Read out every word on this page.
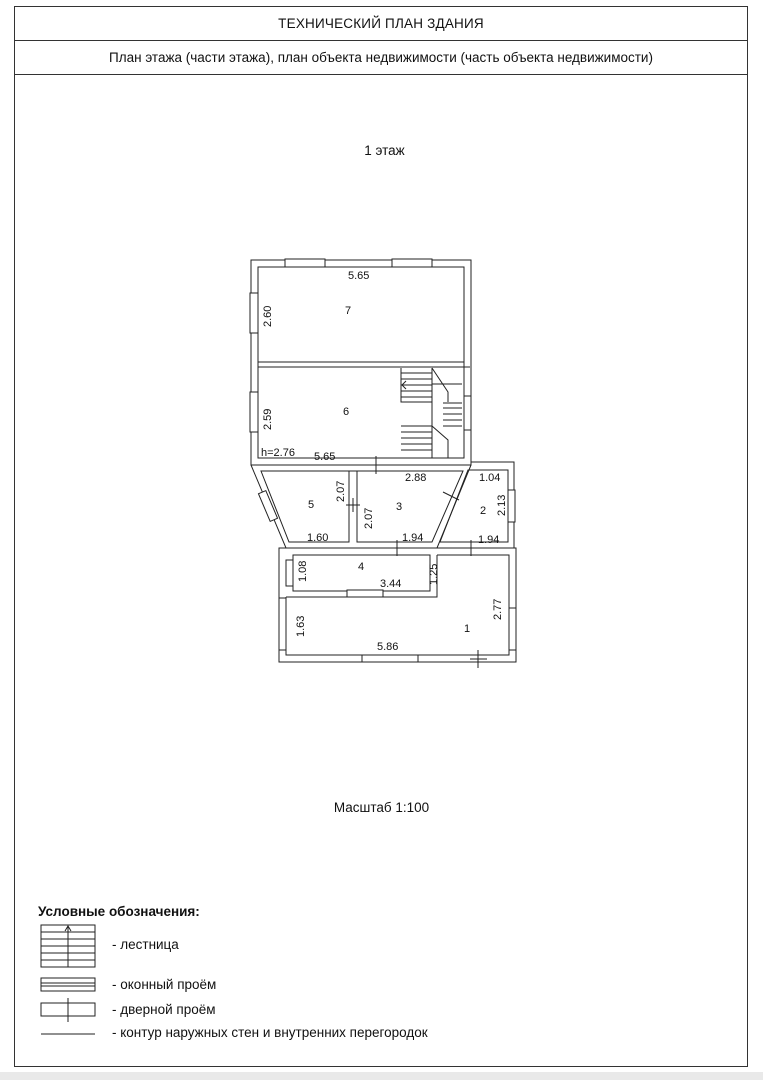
ТЕХНИЧЕСКИЙ ПЛАН ЗДАНИЯ
План этажа (части этажа), план объекта недвижимости (часть объекта недвижимости)
1 этаж
7
6
5	3	2
4
1
5.65
2.60
2.59
h=2.76 5.65
2.88
2.07
2.07
1.60	1.94
1.04
2.13
1.94
1.08
3.44 1.25
2.77
1.63
5.86
Масштаб 1:100
Условные обозначения:
- лестница
- оконный проём
- дверной проём
- контур наружных стен и внутренних перегородок
